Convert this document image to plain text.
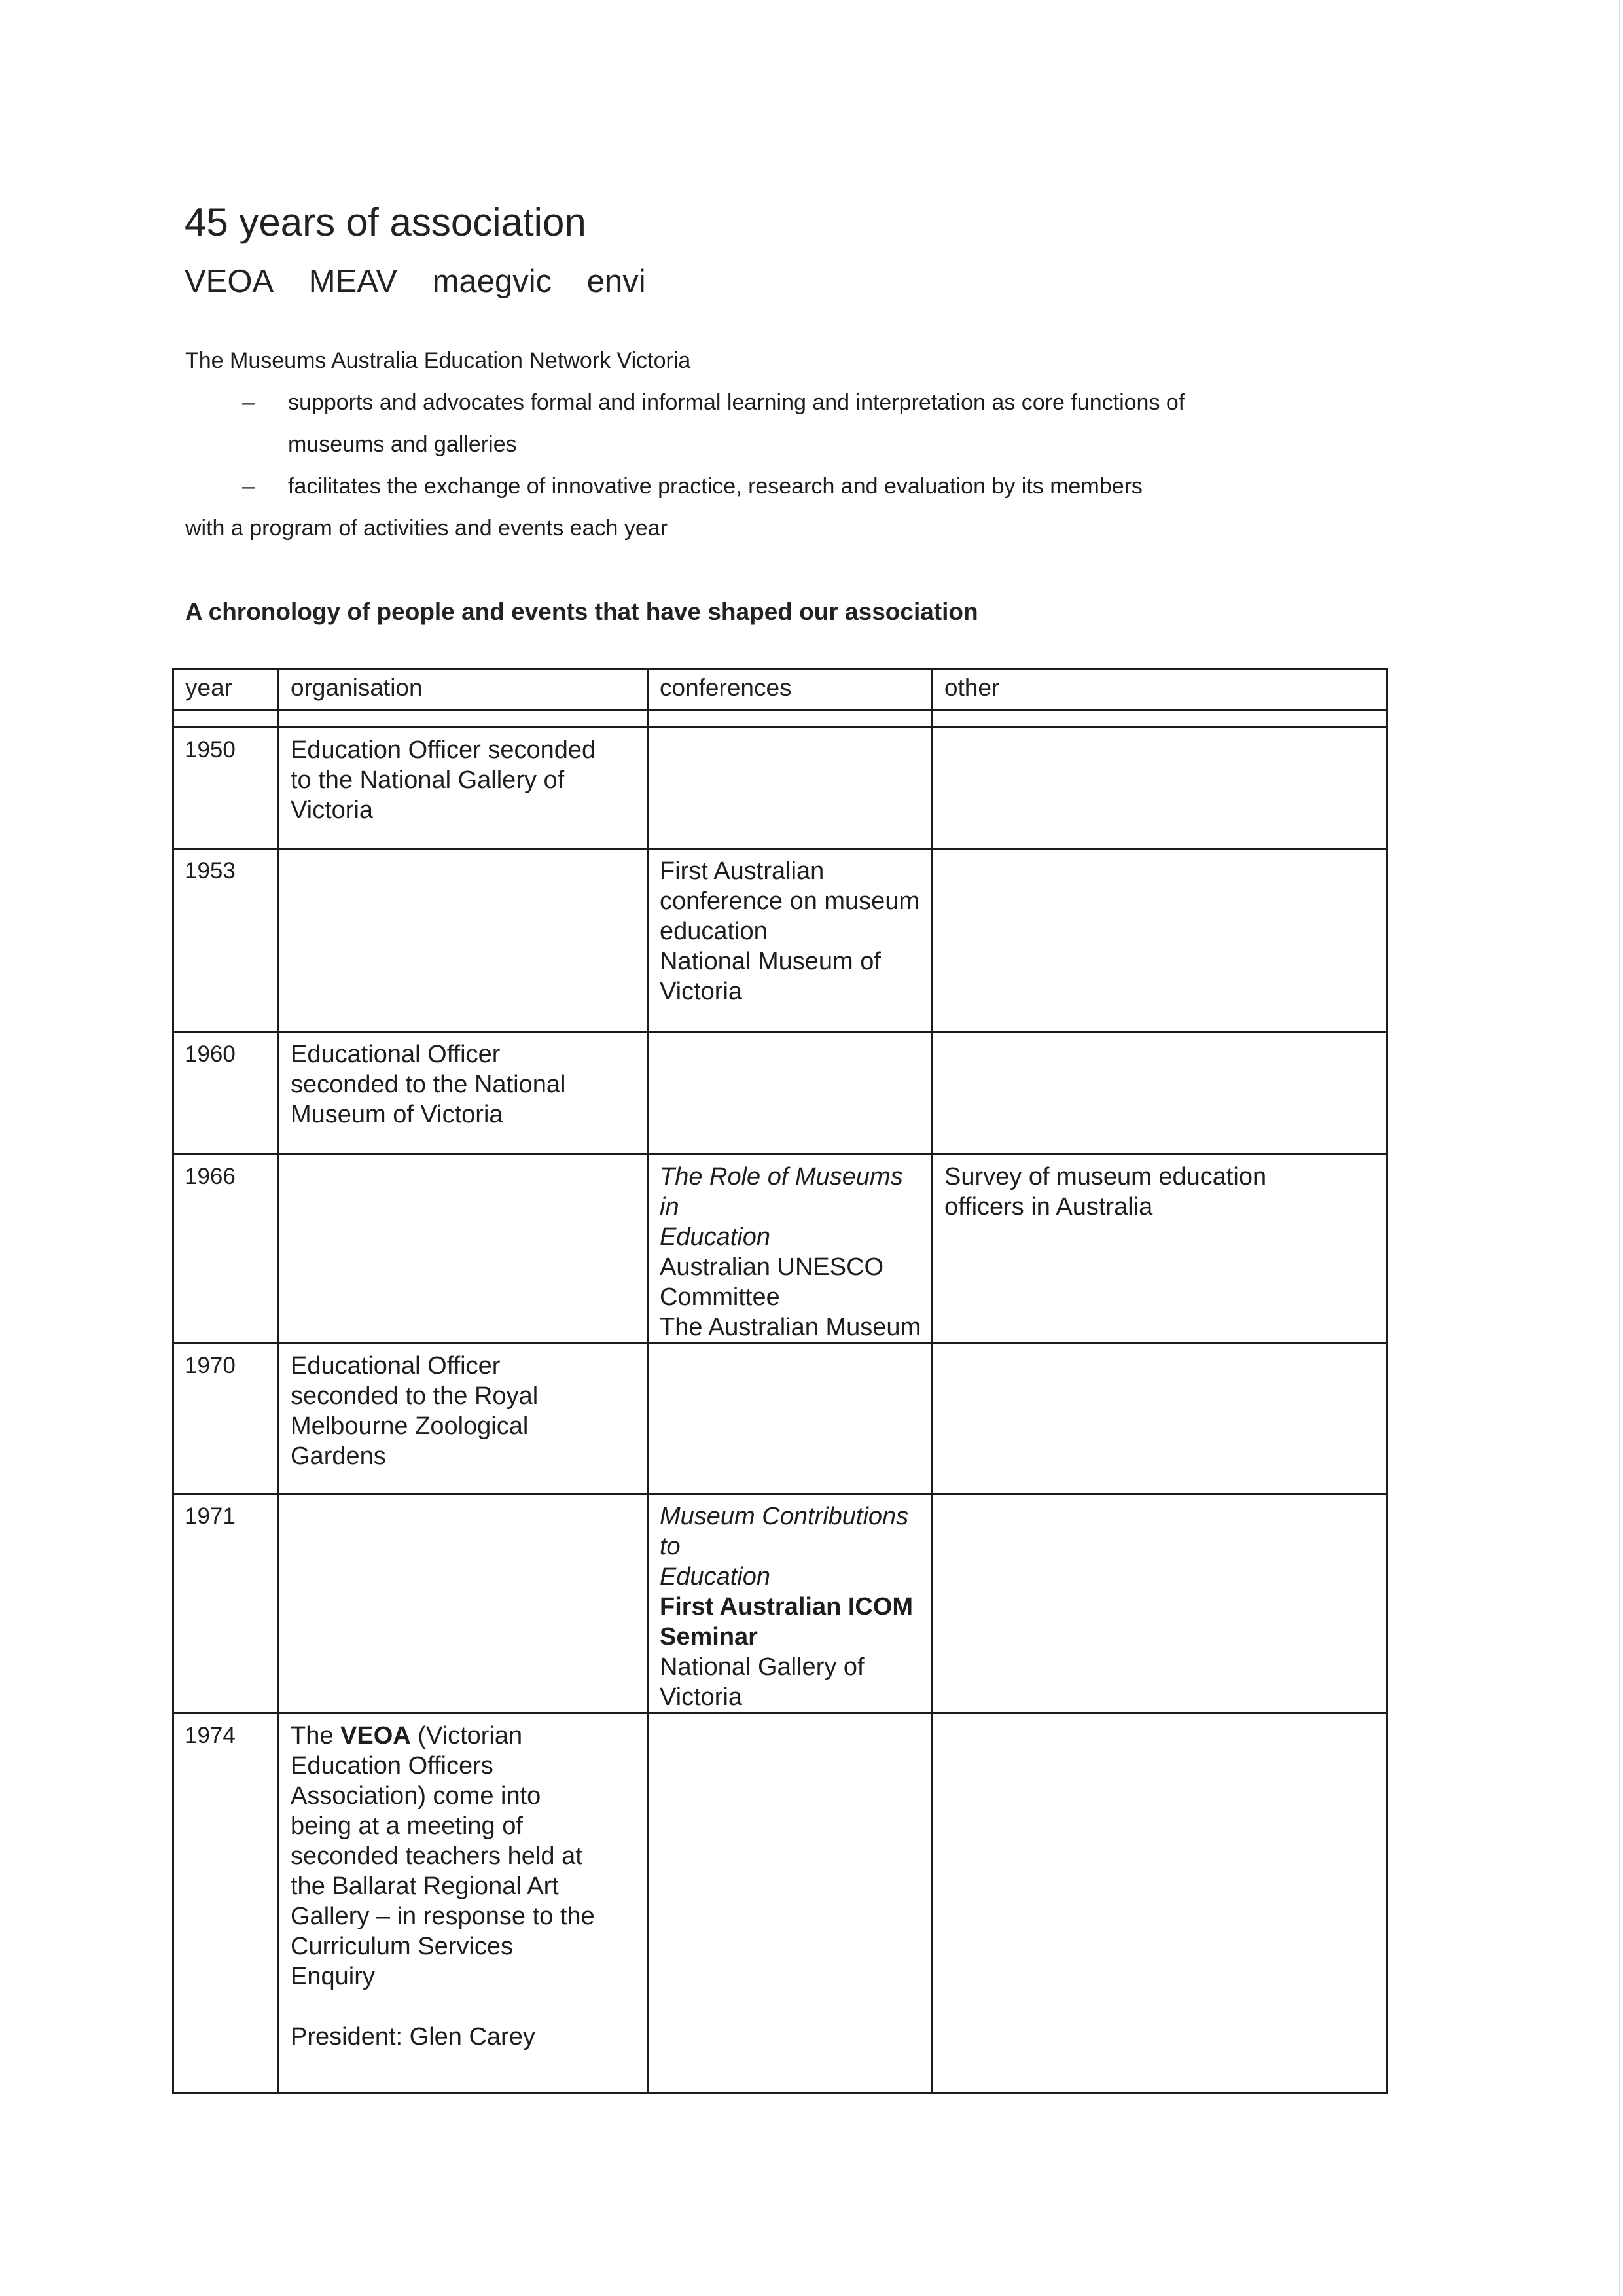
45 years of association
VEOA MEAV maegvic envi
The Museums Australia Education Network Victoria
– supports and advocates formal and informal learning and interpretation as core functions of
museums and galleries
– facilitates the exchange of innovative practice, research and evaluation by its members
with a program of activities and events each year
A chronology of people and events that have shaped our association
year	organisation	conferences	other

1950	Education Officer seconded
to the National Gallery of
Victoria		

1953		First Australian
conference on museum
education
National Museum of
Victoria	

1960	Educational Officer
seconded to the National
Museum of Victoria		

1966		The Role of Museums in
Education
Australian UNESCO
Committee
The Australian Museum	Survey of museum education
officers in Australia

1970	Educational Officer
seconded to the Royal
Melbourne Zoological
Gardens		

1971		Museum Contributions to
Education
First Australian ICOM
Seminar
National Gallery of
Victoria

1974	The VEOA (Victorian
Education Officers
Association) come into
being at a meeting of
seconded teachers held at
the Ballarat Regional Art
Gallery – in response to the
Curriculum Services
Enquiry
President: Glen Carey
